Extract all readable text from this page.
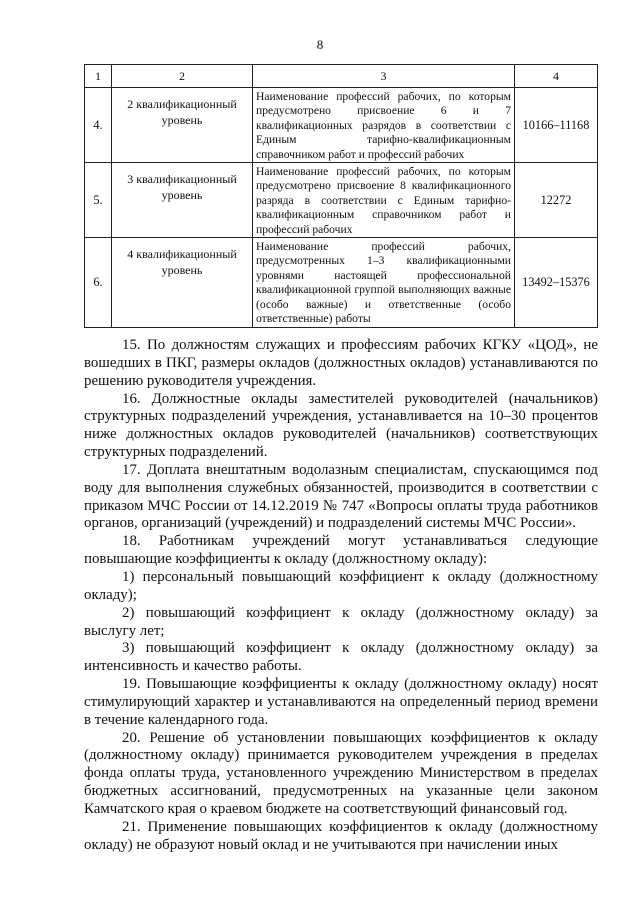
8
1	2	3	4
4.	2 квалификационный уровень	Наименование профессий рабочих, по которым предусмотрено присвоение 6 и 7 квалификационных разрядов в соответствии с Единым тарифно-квалификационным справочником работ и профессий рабочих	10166–11168
5.	3 квалификационный уровень	Наименование профессий рабочих, по которым предусмотрено присвоение 8 квалификационного разряда в соответствии с Единым тарифно-квалификационным справочником работ и профессий рабочих	12272
6.	4 квалификационный уровень	Наименование профессий рабочих, предусмотренных 1–3 квалификационными уровнями настоящей профессиональной квалификационной группой выполняющих важные (особо важные) и ответственные (особо ответственные) работы	13492–15376

15. По должностям служащих и профессиям рабочих КГКУ «ЦОД», не вошедших в ПКГ, размеры окладов (должностных окладов) устанавливаются по решению руководителя учреждения.

16. Должностные оклады заместителей руководителей (начальников) структурных подразделений учреждения, устанавливается на 10–30 процентов ниже должностных окладов руководителей (начальников) соответствующих структурных подразделений.

17. Доплата внештатным водолазным специалистам, спускающимся под воду для выполнения служебных обязанностей, производится в соответствии с приказом МЧС России от 14.12.2019 № 747 «Вопросы оплаты труда работников органов, организаций (учреждений) и подразделений системы МЧС России».

18. Работникам учреждений могут устанавливаться следующие повышающие коэффициенты к окладу (должностному окладу):

1) персональный повышающий коэффициент к окладу (должностному окладу);

2) повышающий коэффициент к окладу (должностному окладу) за выслугу лет;

3) повышающий коэффициент к окладу (должностному окладу) за интенсивность и качество работы.

19. Повышающие коэффициенты к окладу (должностному окладу) носят стимулирующий характер и устанавливаются на определенный период времени в течение календарного года.

20. Решение об установлении повышающих коэффициентов к окладу (должностному окладу) принимается руководителем учреждения в пределах фонда оплаты труда, установленного учреждению Министерством в пределах бюджетных ассигнований, предусмотренных на указанные цели законом Камчатского края о краевом бюджете на соответствующий финансовый год.

21. Применение повышающих коэффициентов к окладу (должностному окладу) не образуют новый оклад и не учитываются при начислении иных
